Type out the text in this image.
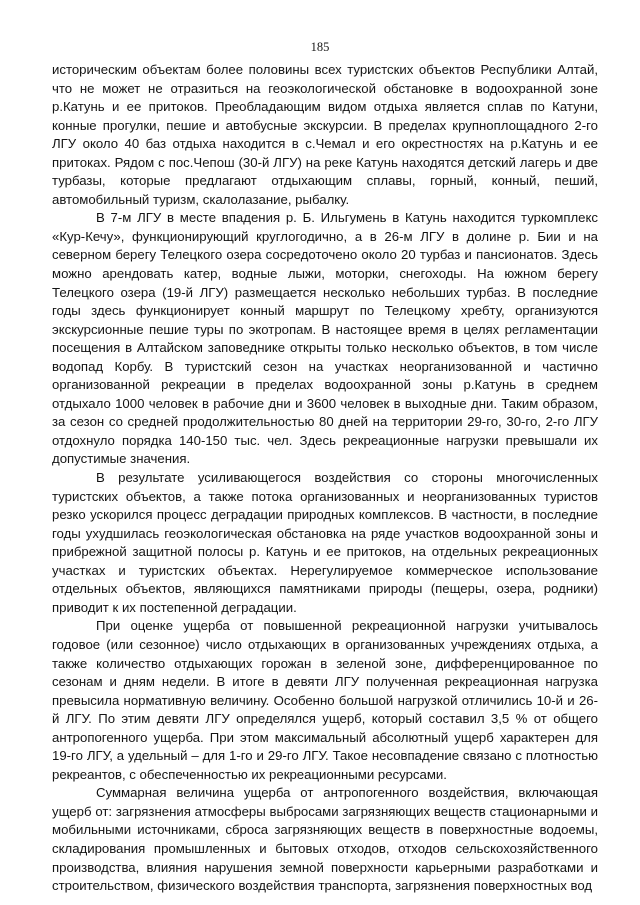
185

историческим объектам более половины всех туристских объектов Республики Алтай, что не может не отразиться на геоэкологической обстановке в водоохранной зоне р.Катунь и ее притоков. Преобладающим видом отдыха является сплав по Катуни, конные прогулки, пешие и автобусные экскурсии. В пределах крупноплощадного 2-го ЛГУ около 40 баз отдыха находится в с.Чемал и его окрестностях на р.Катунь и ее притоках. Рядом с пос.Чепош (30-й ЛГУ) на реке Катунь находятся детский лагерь и две турбазы, которые предлагают отдыхающим сплавы, горный, конный, пеший, автомобильный туризм, скалолазание, рыбалку.

В 7-м ЛГУ в месте впадения р. Б. Ильгумень в Катунь находится туркомплекс «Кур-Кечу», функционирующий круглогодично, а в 26-м ЛГУ в долине р. Бии и на северном берегу Телецкого озера сосредоточено около 20 турбаз и пансионатов. Здесь можно арендовать катер, водные лыжи, моторки, снегоходы. На южном берегу Телецкого озера (19-й ЛГУ) размещается несколько небольших турбаз. В последние годы здесь функционирует конный маршрут по Телецкому хребту, организуются экскурсионные пешие туры по экотропам. В настоящее время в целях регламентации посещения в Алтайском заповеднике открыты только несколько объектов, в том числе водопад Корбу. В туристский сезон на участках неорганизованной и частично организованной рекреации в пределах водоохранной зоны р.Катунь в среднем отдыхало 1000 человек в рабочие дни и 3600 человек в выходные дни. Таким образом, за сезон со средней продолжительностью 80 дней на территории 29-го, 30-го, 2-го ЛГУ отдохнуло порядка 140-150 тыс. чел. Здесь рекреационные нагрузки превышали их допустимые значения.

В результате усиливающегося воздействия со стороны многочисленных туристских объектов, а также потока организованных и неорганизованных туристов резко ускорился процесс деградации природных комплексов. В частности, в последние годы ухудшилась геоэкологическая обстановка на ряде участков водоохранной зоны и прибрежной защитной полосы р. Катунь и ее притоков, на отдельных рекреационных участках и туристских объектах. Нерегулируемое коммерческое использование отдельных объектов, являющихся памятниками природы (пещеры, озера, родники) приводит к их постепенной деградации.

При оценке ущерба от повышенной рекреационной нагрузки учитывалось годовое (или сезонное) число отдыхающих в организованных учреждениях отдыха, а также количество отдыхающих горожан в зеленой зоне, дифференцированное по сезонам и дням недели. В итоге в девяти ЛГУ полученная рекреационная нагрузка превысила нормативную величину. Особенно большой нагрузкой отличились 10-й и 26-й ЛГУ. По этим девяти ЛГУ определялся ущерб, который составил 3,5 % от общего антропогенного ущерба. При этом максимальный абсолютный ущерб характерен для 19-го ЛГУ, а удельный – для 1-го и 29-го ЛГУ. Такое несовпадение связано с плотностью рекреантов, с обеспеченностью их рекреационными ресурсами.

Суммарная величина ущерба от антропогенного воздействия, включающая ущерб от: загрязнения атмосферы выбросами загрязняющих веществ стационарными и мобильными источниками, сброса загрязняющих веществ в поверхностные водоемы, складирования промышленных и бытовых отходов, отходов сельскохозяйственного производства, влияния нарушения земной поверхности карьерными разработками и строительством, физического воздействия транспорта, загрязнения поверхностных вод
